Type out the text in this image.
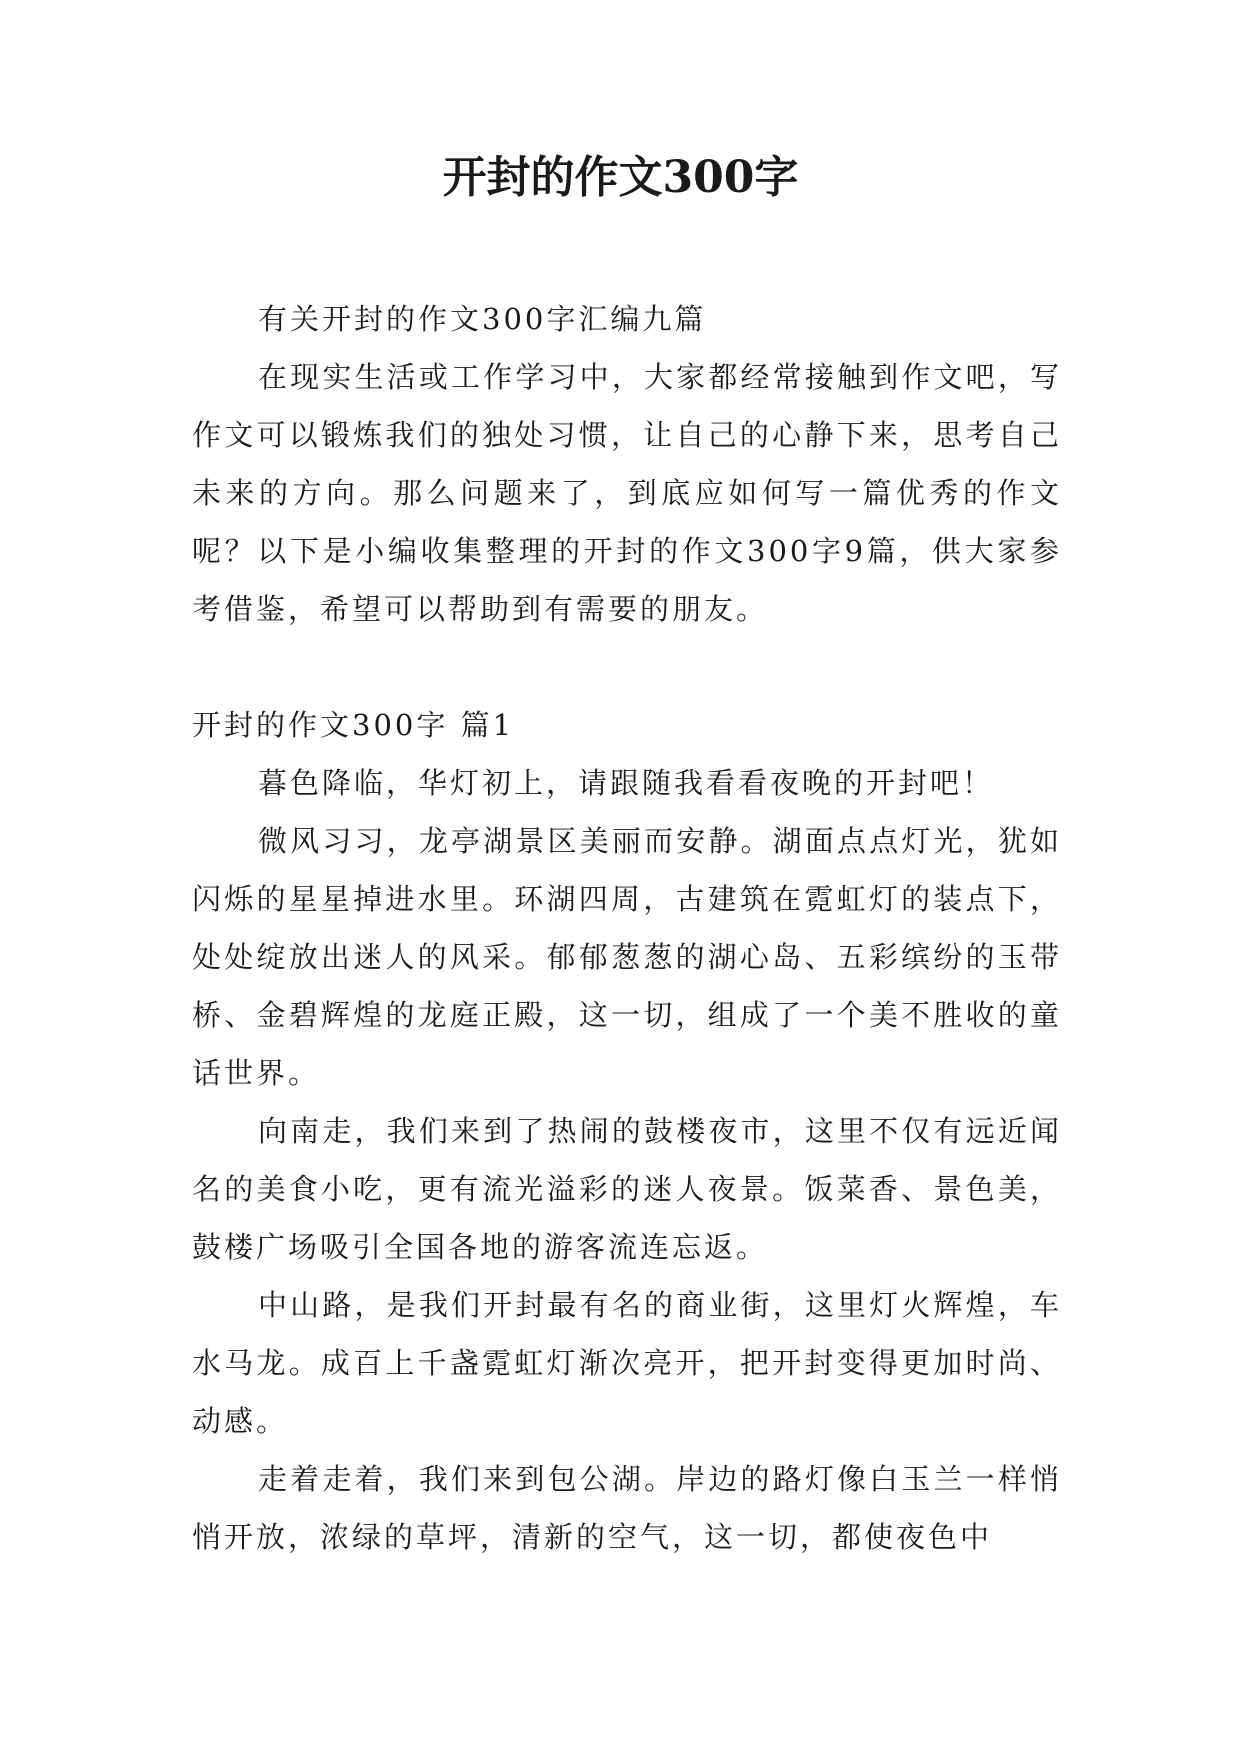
开封的作文300字

有关开封的作文300字汇编九篇

在现实生活或工作学习中，大家都经常接触到作文吧，写作文可以锻炼我们的独处习惯，让自己的心静下来，思考自己未来的方向。那么问题来了，到底应如何写一篇优秀的作文呢？以下是小编收集整理的开封的作文300字9篇，供大家参考借鉴，希望可以帮助到有需要的朋友。

开封的作文300字 篇1

暮色降临，华灯初上，请跟随我看看夜晚的开封吧！

微风习习，龙亭湖景区美丽而安静。湖面点点灯光，犹如闪烁的星星掉进水里。环湖四周，古建筑在霓虹灯的装点下，处处绽放出迷人的风采。郁郁葱葱的湖心岛、五彩缤纷的玉带桥、金碧辉煌的龙庭正殿，这一切，组成了一个美不胜收的童话世界。

向南走，我们来到了热闹的鼓楼夜市，这里不仅有远近闻名的美食小吃，更有流光溢彩的迷人夜景。饭菜香、景色美，鼓楼广场吸引全国各地的游客流连忘返。

中山路，是我们开封最有名的商业街，这里灯火辉煌，车水马龙。成百上千盏霓虹灯渐次亮开，把开封变得更加时尚、动感。

走着走着，我们来到包公湖。岸边的路灯像白玉兰一样悄悄开放，浓绿的草坪，清新的空气，这一切，都使夜色中
